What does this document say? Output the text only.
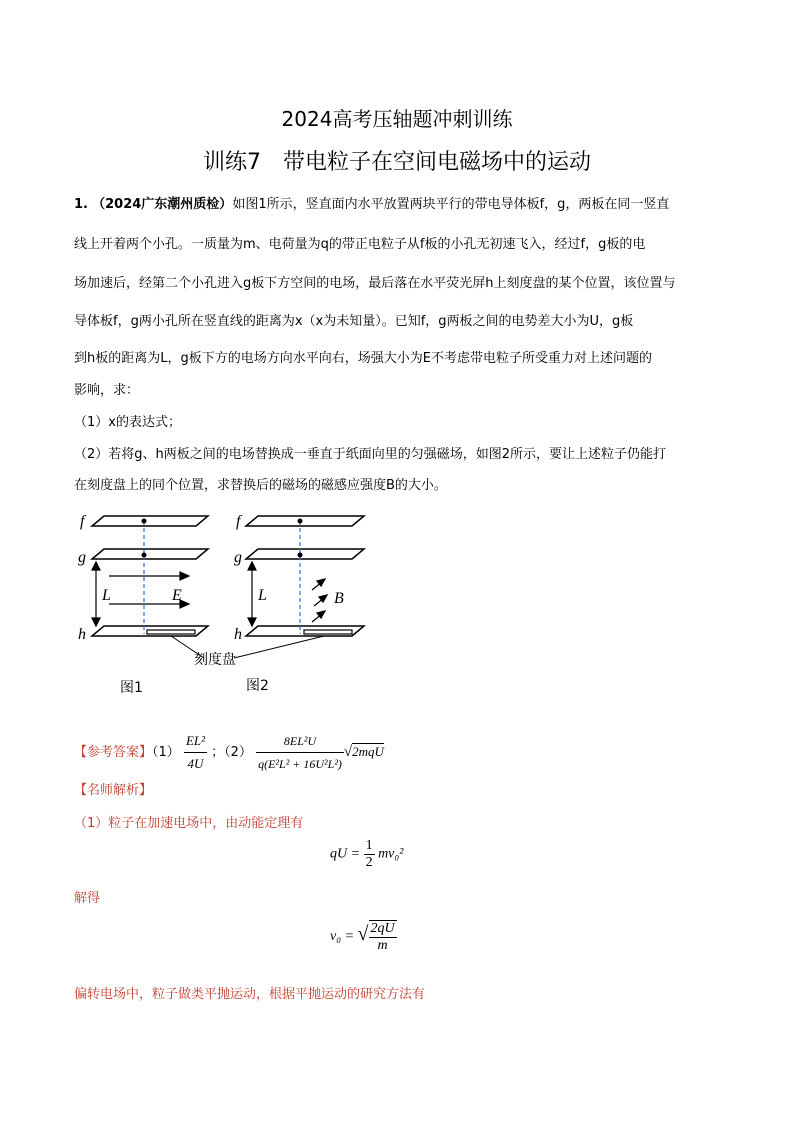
2024高考压轴题冲刺训练
训练7　带电粒子在空间电磁场中的运动
1. （2024广东潮州质检）如图1所示，竖直面内水平放置两块平行的带电导体板f，g，两板在同一竖直
线上开着两个小孔。一质量为m、电荷量为q的带正电粒子从f板的小孔无初速飞入，经过f，g板的电
场加速后，经第二个小孔进入g板下方空间的电场，最后落在水平荧光屏h上刻度盘的某个位置，该位置与
导体板f，g两小孔所在竖直线的距离为x（x为未知量）。已知f，g两板之间的电势差大小为U，g板
到h板的距离为L，g板下方的电场方向水平向右，场强大小为E不考虑带电粒子所受重力对上述问题的
影响，求：
（1）x的表达式；
（2）若将g、h两板之间的电场替换成一垂直于纸面向里的匀强磁场，如图2所示，要让上述粒子仍能打
在刻度盘上的同个位置，求替换后的磁场的磁感应强度B的大小。
f
g
h
L	E
f
g
h
L	B
刻度盘
图1	图2
【参考答案】$(1) \frac{\text{EL²}}{4U}$ ；$(2) \frac{\text{8EL²U}}{\text{q(E²L² + 16U²L²)}} √2mqU$
【名师解析】
（1）粒子在加速电场中，由动能定理有
qU = $\frac{1}{2} mv_0^2$
解得
v₀ = √ $\frac{2qU}{m}$
偏转电场中，粒子做类平抛运动，根据平抛运动的研究方法有
